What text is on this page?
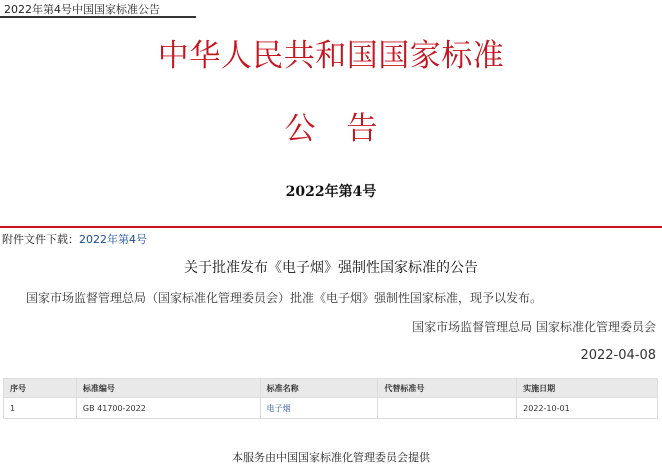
2022年第4号中国国家标准公告
中华人民共和国国家标准
公　告
2022年第4号
附件文件下载：2022年第4号
关于批准发布《电子烟》强制性国家标准的公告
国家市场监督管理总局（国家标准化管理委员会）批准《电子烟》强制性国家标准，现予以发布。
国家市场监督管理总局 国家标准化管理委员会
2022-04-08
序号	标准编号	标准名称	代替标准号	实施日期
1	GB 41700-2022	电子烟		2022-10-01
本服务由中国国家标准化管理委员会提供
